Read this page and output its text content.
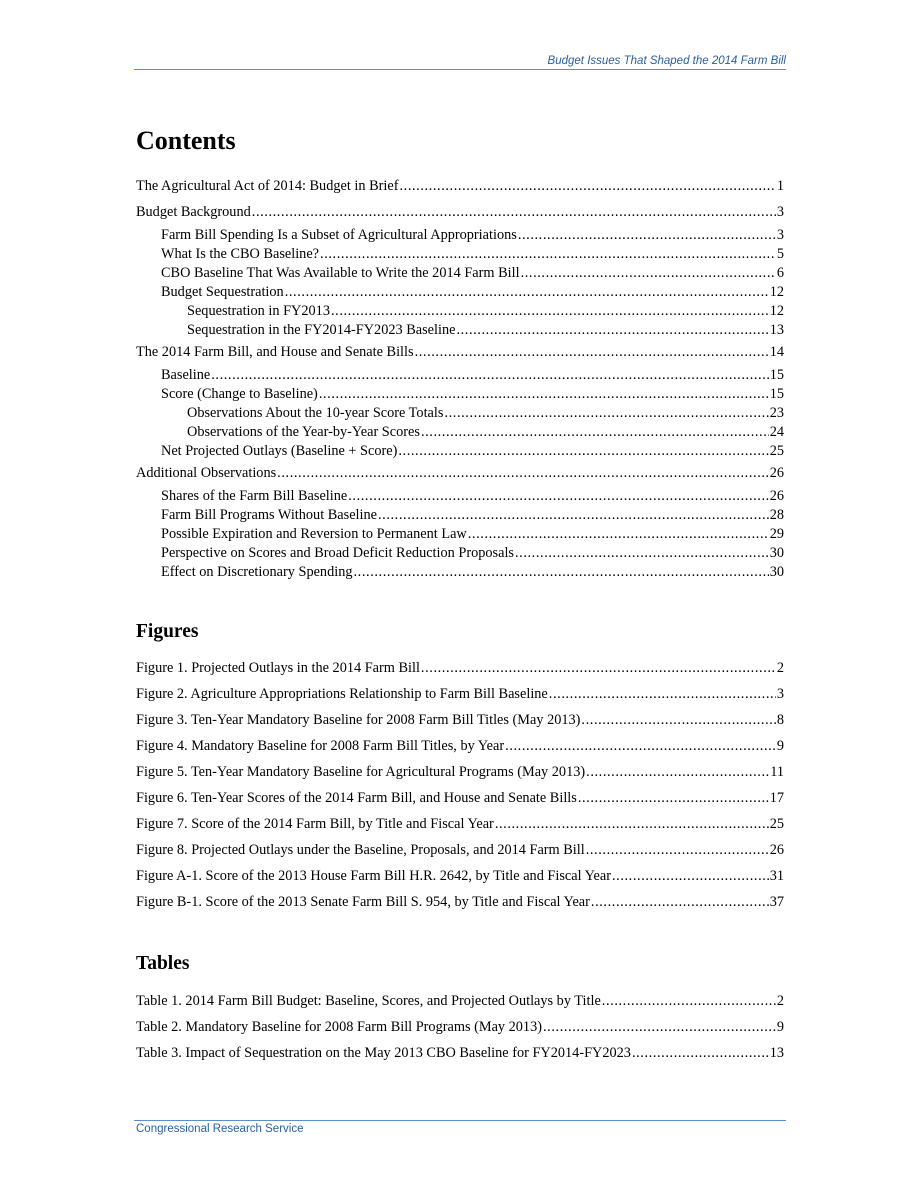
Budget Issues That Shaped the 2014 Farm Bill
Contents
The Agricultural Act of 2014: Budget in Brief .....	1
Budget Background .....	3
Farm Bill Spending Is a Subset of Agricultural Appropriations .....	3
What Is the CBO Baseline? .....	5
CBO Baseline That Was Available to Write the 2014 Farm Bill .....	6
Budget Sequestration .....	12
Sequestration in FY2013 .....	12
Sequestration in the FY2014-FY2023 Baseline .....	13
The 2014 Farm Bill, and House and Senate Bills .....	14
Baseline .....	15
Score (Change to Baseline) .....	15
Observations About the 10-year Score Totals .....	23
Observations of the Year-by-Year Scores .....	24
Net Projected Outlays (Baseline + Score) .....	25
Additional Observations .....	26
Shares of the Farm Bill Baseline .....	26
Farm Bill Programs Without Baseline .....	28
Possible Expiration and Reversion to Permanent Law .....	29
Perspective on Scores and Broad Deficit Reduction Proposals .....	30
Effect on Discretionary Spending .....	30
Figures
Figure 1. Projected Outlays in the 2014 Farm Bill .....	2
Figure 2. Agriculture Appropriations Relationship to Farm Bill Baseline .....	3
Figure 3. Ten-Year Mandatory Baseline for 2008 Farm Bill Titles (May 2013) .....	8
Figure 4. Mandatory Baseline for 2008 Farm Bill Titles, by Year .....	9
Figure 5. Ten-Year Mandatory Baseline for Agricultural Programs (May 2013) .....	11
Figure 6. Ten-Year Scores of the 2014 Farm Bill, and House and Senate Bills .....	17
Figure 7. Score of the 2014 Farm Bill, by Title and Fiscal Year .....	25
Figure 8. Projected Outlays under the Baseline, Proposals, and 2014 Farm Bill .....	26
Figure A-1. Score of the 2013 House Farm Bill H.R. 2642, by Title and Fiscal Year .....	31
Figure B-1. Score of the 2013 Senate Farm Bill S. 954, by Title and Fiscal Year .....	37
Tables
Table 1. 2014 Farm Bill Budget: Baseline, Scores, and Projected Outlays by Title .....	2
Table 2. Mandatory Baseline for 2008 Farm Bill Programs (May 2013) .....	9
Table 3. Impact of Sequestration on the May 2013 CBO Baseline for FY2014-FY2023 .....	13
Congressional Research Service
